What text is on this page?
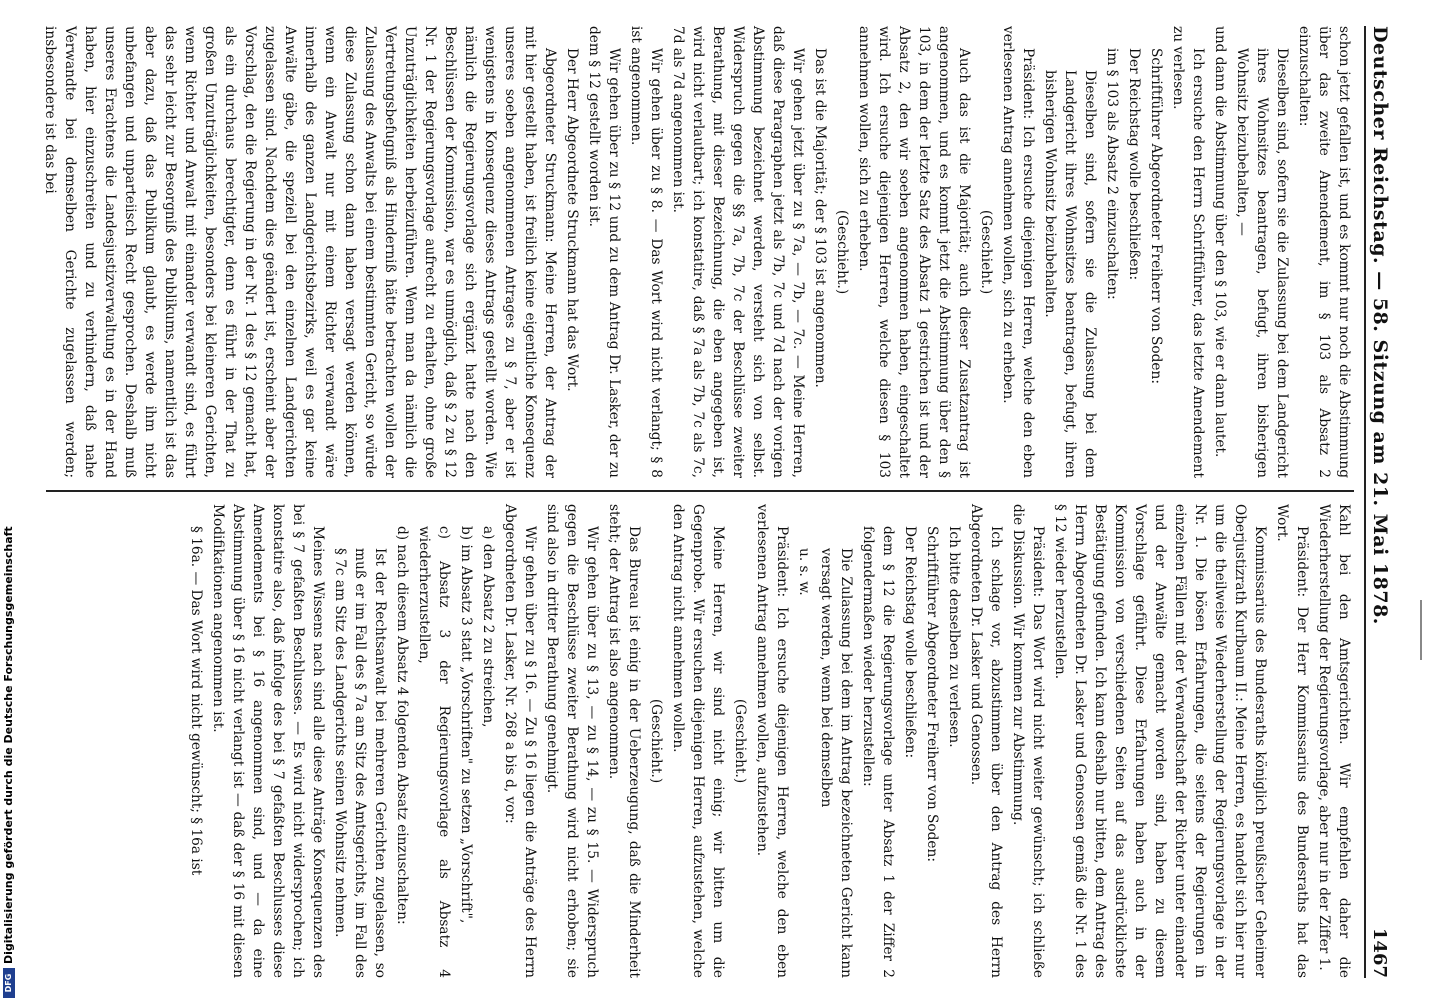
DFG
Digitalisierung gefördert durch die Deutsche Forschungsgemeinschaft
Deutscher Reichstag. — 58. Sitzung am 21. Mai 1878.
1467

schon jetzt gefallen ist, und es kommt nur noch die Abstimmung über das zweite Amendement, im § 103 als Absatz 2 einzuschalten:

Dieselben sind, sofern sie die Zulassung bei dem Landgericht ihres Wohnsitzes beantragen, befugt, ihren bisherigen Wohnsitz beizubehalten, —

und dann die Abstimmung über den § 103, wie er dann lautet.

Ich ersuche den Herrn Schriftführer, das letzte Amendement zu verlesen.

Schriftführer Abgeordneter Freiherr von Soden:

Der Reichstag wolle beschließen:

im § 103 als Absatz 2 einzuschalten:

Dieselben sind, sofern sie die Zulassung bei dem Landgericht ihres Wohnsitzes beantragen, befugt, ihren bisherigen Wohnsitz beizubehalten.

Präsident: Ich ersuche diejenigen Herren, welche den eben verlesenen Antrag annehmen wollen, sich zu erheben.

(Geschieht.)

Auch das ist die Majorität; auch dieser Zusatzantrag ist angenommen, und es kommt jetzt die Abstimmung über den § 103, in dem der letzte Satz des Absatz 1 gestrichen ist und der Absatz 2, den wir soeben angenommen haben, eingeschaltet wird. Ich ersuche diejenigen Herren, welche diesen § 103 annehmen wollen, sich zu erheben.

(Geschieht.)

Das ist die Majorität; der § 103 ist angenommen.

Wir gehen jetzt über zu § 7a, — 7b, — 7c. — Meine Herren, daß diese Paragraphen jetzt als 7b, 7c und 7d nach der vorigen Abstimmung bezeichnet werden, versteht sich von selbst. Widerspruch gegen die §§ 7a, 7b, 7c der Beschlüsse zweiter Berathung, mit dieser Bezeichnung, die eben angegeben ist, wird nicht verlautbart; ich konstatire, daß § 7a als 7b, 7c als 7c, 7d als 7d angenommen ist.

Wir gehen über zu § 8. — Das Wort wird nicht verlangt; § 8 ist angenommen.

Wir gehen über zu § 12 und zu dem Antrag Dr. Lasker, der zu dem § 12 gestellt worden ist.

Der Herr Abgeordnete Struckmann hat das Wort.

Abgeordneter Struckmann: Meine Herren, der Antrag der mit hier gestellt haben, ist freilich keine eigentliche Konsequenz unseres soeben angenommenen Antrages zu § 7, aber er ist wenigstens in Konsequenz dieses Antrags gestellt worden. Wie nämlich die Regierungsvorlage sich ergänzt hatte nach den Beschlüssen der Kommission, war es unmöglich, daß § 2 zu § 12 Nr. 1 der Regierungsvorlage aufrecht zu erhalten, ohne große Unzuträglichkeiten herbeizuführen. Wenn man da nämlich die Vertretungsbefugniß als Hinderniß hätte betrachten wollen der Zulassung des Anwalts bei einem bestimmten Gericht, so würde diese Zulassung schon dann haben versagt werden können, wenn ein Anwalt nur mit einem Richter verwandt wäre innerhalb des ganzen Landgerichtsbezirks, weil es gar keine Anwälte gäbe, die speziell bei den einzelnen Landgerichten zugelassen sind. Nachdem dies geändert ist, erscheint aber der Vorschlag, den die Regierung in der Nr. 1 des § 12 gemacht hat, als ein durchaus berechtigter, denn es führt in der That zu großen Unzuträglichkeiten, besonders bei kleineren Gerichten, wenn Richter und Anwalt mit einander verwandt sind, es führt das sehr leicht zur Besorgniß des Publikums, namentlich ist das aber dazu, daß das Publikum glaubt, es werde ihm nicht unbefangen und unparteiisch Recht gesprochen. Deshalb muß unseres Erachtens die Landesjustizverwaltung es in der Hand haben, hier einzuschreiten und zu verhindern, daß nahe Verwandte bei demselben Gerichte zugelassen werden; insbesondere ist das bei

Kahl bei den Amtsgerichten. Wir empfehlen daher die Wiederherstellung der Regierungsvorlage, aber nur in der Ziffer 1.

Präsident: Der Herr Kommissarius des Bundesraths hat das Wort.

Kommissarius des Bundesraths königlich preußischer Geheimer Oberjustizrath Kurlbaum II.: Meine Herren, es handelt sich hier nur um die theilweise Wiederherstellung der Regierungsvorlage in der Nr. 1. Die bösen Erfahrungen, die seitens der Regierungen in einzelnen Fällen mit der Verwandtschaft der Richter unter einander und der Anwälte gemacht worden sind, haben zu diesem Vorschlage geführt. Diese Erfahrungen haben auch in der Kommission von verschiedenen Seiten auf das ausdrücklichste Bestätigung gefunden. Ich kann deshalb nur bitten, dem Antrag des Herrn Abgeordneten Dr. Lasker und Genossen gemäß die Nr. 1 des § 12 wieder herzustellen.

Präsident: Das Wort wird nicht weiter gewünscht; ich schließe die Diskussion. Wir kommen zur Abstimmung.

Ich schlage vor, abzustimmen über den Antrag des Herrn Abgeordneten Dr. Lasker und Genossen.

Ich bitte denselben zu verlesen.

Schriftführer Abgeordneter Freiherr von Soden:

Der Reichstag wolle beschließen:

dem § 12 die Regierungsvorlage unter Absatz 1 der Ziffer 2 folgendermaßen wieder herzustellen:

Die Zulassung bei dem im Antrag bezeichneten Gericht kann versagt werden, wenn bei demselben

u. s. w.

Präsident: Ich ersuche diejenigen Herren, welche den eben verlesenen Antrag annehmen wollen, aufzustehen.

(Geschieht.)

Meine Herren, wir sind nicht einig; wir bitten um die Gegenprobe. Wir ersuchen diejenigen Herren, aufzustehen, welche den Antrag nicht annehmen wollen.

(Geschieht.)

Das Bureau ist einig in der Ueberzeugung, daß die Minderheit steht; der Antrag ist also angenommen.

Wir gehen über zu § 13, — zu § 14, — zu § 15. — Widerspruch gegen die Beschlüsse zweiter Berathung wird nicht erhoben; sie sind also in dritter Berathung genehmigt.

Wir gehen über zu § 16. — Zu § 16 liegen die Anträge des Herrn Abgeordneten Dr. Lasker, Nr. 268 a bis d, vor:

a) den Absatz 2 zu streichen,

b) im Absatz 3 statt „Vorschriften" zu setzen „Vorschrift",

c) Absatz 3 der Regierungsvorlage als Absatz 4 wiederherzustellen,

d) nach diesem Absatz 4 folgenden Absatz einzuschalten:

Ist der Rechtsanwalt bei mehreren Gerichten zugelassen, so muß er im Fall des § 7a am Sitz des Amtsgerichts, im Fall des § 7c am Sitz des Landgerichts seinen Wohnsitz nehmen.

Meines Wissens nach sind alle diese Anträge Konsequenzen des bei § 7 gefaßten Beschlusses. — Es wird nicht widersprochen; ich konstatire also, daß infolge des bei § 7 gefaßten Beschlusses diese Amendements bei § 16 angenommen sind, und — da eine Abstimmung über § 16 nicht verlangt ist — daß der § 16 mit diesen Modifikationen angenommen ist.

§ 16a. — Das Wort wird nicht gewünscht; § 16a ist
